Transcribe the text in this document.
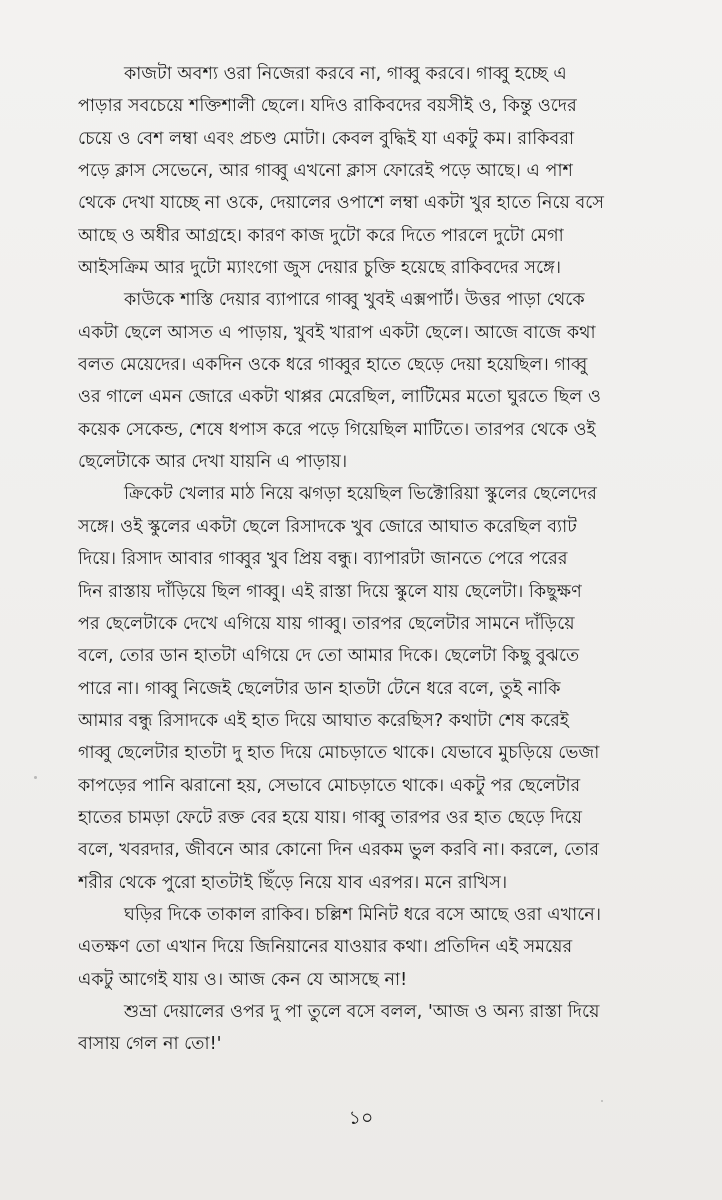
কাজটা অবশ্য ওরা নিজেরা করবে না, গাব্বু করবে। গাব্বু হচ্ছে এ
পাড়ার সবচেয়ে শক্তিশালী ছেলে। যদিও রাকিবদের বয়সীই ও, কিন্তু ওদের
চেয়ে ও বেশ লম্বা এবং প্রচণ্ড মোটা। কেবল বুদ্ধিই যা একটু কম। রাকিবরা
পড়ে ক্লাস সেভেনে, আর গাব্বু এখনো ক্লাস ফোরেই পড়ে আছে। এ পাশ
থেকে দেখা যাচ্ছে না ওকে, দেয়ালের ওপাশে লম্বা একটা খুর হাতে নিয়ে বসে
আছে ও অধীর আগ্রহে। কারণ কাজ দুটো করে দিতে পারলে দুটো মেগা
আইসক্রিম আর দুটো ম্যাংগো জুস দেয়ার চুক্তি হয়েছে রাকিবদের সঙ্গে।

কাউকে শাস্তি দেয়ার ব্যাপারে গাব্বু খুবই এক্সপার্ট। উত্তর পাড়া থেকে
একটা ছেলে আসত এ পাড়ায়, খুবই খারাপ একটা ছেলে। আজে বাজে কথা
বলত মেয়েদের। একদিন ওকে ধরে গাব্বুর হাতে ছেড়ে দেয়া হয়েছিল। গাব্বু
ওর গালে এমন জোরে একটা থাপ্পর মেরেছিল, লাটিমের মতো ঘুরতে ছিল ও
কয়েক সেকেন্ড, শেষে ধপাস করে পড়ে গিয়েছিল মাটিতে। তারপর থেকে ওই
ছেলেটাকে আর দেখা যায়নি এ পাড়ায়।

ক্রিকেট খেলার মাঠ নিয়ে ঝগড়া হয়েছিল ভিক্টোরিয়া স্কুলের ছেলেদের
সঙ্গে। ওই স্কুলের একটা ছেলে রিসাদকে খুব জোরে আঘাত করেছিল ব্যাট
দিয়ে। রিসাদ আবার গাব্বুর খুব প্রিয় বন্ধু। ব্যাপারটা জানতে পেরে পরের
দিন রাস্তায় দাঁড়িয়ে ছিল গাব্বু। এই রাস্তা দিয়ে স্কুলে যায় ছেলেটা। কিছুক্ষণ
পর ছেলেটাকে দেখে এগিয়ে যায় গাব্বু। তারপর ছেলেটার সামনে দাঁড়িয়ে
বলে, তোর ডান হাতটা এগিয়ে দে তো আমার দিকে। ছেলেটা কিছু বুঝতে
পারে না। গাব্বু নিজেই ছেলেটার ডান হাতটা টেনে ধরে বলে, তুই নাকি
আমার বন্ধু রিসাদকে এই হাত দিয়ে আঘাত করেছিস? কথাটা শেষ করেই
গাব্বু ছেলেটার হাতটা দু হাত দিয়ে মোচড়াতে থাকে। যেভাবে মুচড়িয়ে ভেজা
কাপড়ের পানি ঝরানো হয়, সেভাবে মোচড়াতে থাকে। একটু পর ছেলেটার
হাতের চামড়া ফেটে রক্ত বের হয়ে যায়। গাব্বু তারপর ওর হাত ছেড়ে দিয়ে
বলে, খবরদার, জীবনে আর কোনো দিন এরকম ভুল করবি না। করলে, তোর
শরীর থেকে পুরো হাতটাই ছিঁড়ে নিয়ে যাব এরপর। মনে রাখিস।

ঘড়ির দিকে তাকাল রাকিব। চল্লিশ মিনিট ধরে বসে আছে ওরা এখানে।
এতক্ষণ তো এখান দিয়ে জিনিয়ানের যাওয়ার কথা। প্রতিদিন এই সময়ের
একটু আগেই যায় ও। আজ কেন যে আসছে না!

শুভ্রা দেয়ালের ওপর দু পা তুলে বসে বলল, 'আজ ও অন্য রাস্তা দিয়ে
বাসায় গেল না তো!'

১০
